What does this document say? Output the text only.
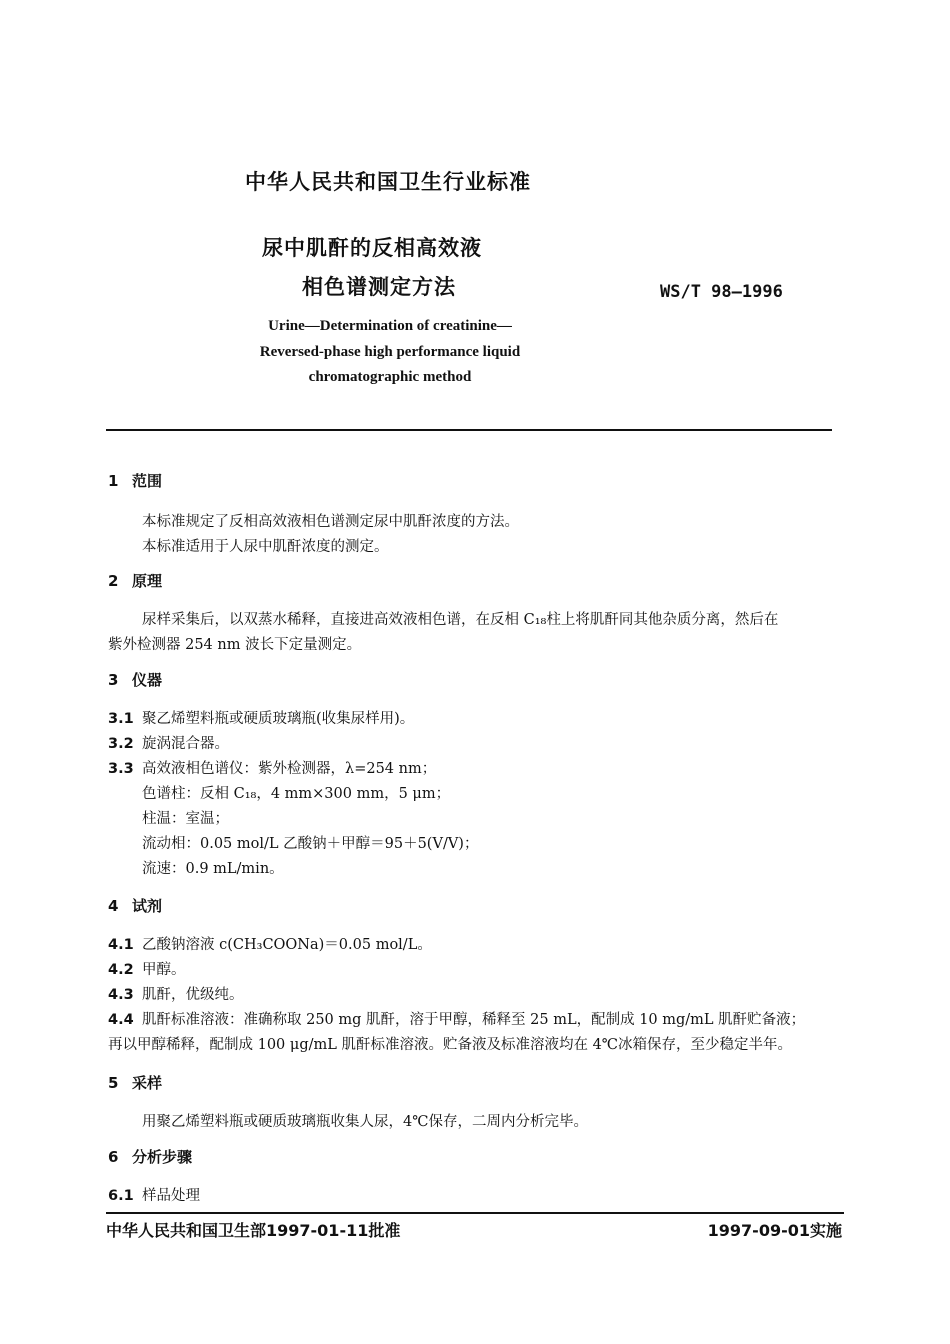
中华人民共和国卫生行业标准
尿中肌酐的反相高效液
相色谱测定方法	WS/T 98—1996
Urine—Determination of creatinine—
Reversed-phase high performance liquid
chromatographic method
1 范围
本标准规定了反相高效液相色谱测定尿中肌酐浓度的方法。
本标准适用于人尿中肌酐浓度的测定。
2 原理
尿样采集后，以双蒸水稀释，直接进高效液相色谱，在反相 C₁₈柱上将肌酐同其他杂质分离，然后在
紫外检测器 254 nm 波长下定量测定。
3 仪器
3.1 聚乙烯塑料瓶或硬质玻璃瓶(收集尿样用)。
3.2 旋涡混合器。
3.3 高效液相色谱仪：紫外检测器，λ=254 nm；
色谱柱：反相 C₁₈，4 mm×300 mm，5 μm；
柱温：室温；
流动相：0.05 mol/L 乙酸钠＋甲醇＝95＋5(V/V)；
流速：0.9 mL/min。
4 试剂
4.1 乙酸钠溶液 c(CH₃COONa)＝0.05 mol/L。
4.2 甲醇。
4.3 肌酐，优级纯。
4.4 肌酐标准溶液：准确称取 250 mg 肌酐，溶于甲醇，稀释至 25 mL，配制成 10 mg/mL 肌酐贮备液；
再以甲醇稀释，配制成 100 μg/mL 肌酐标准溶液。贮备液及标准溶液均在 4℃冰箱保存，至少稳定半年。
5 采样
用聚乙烯塑料瓶或硬质玻璃瓶收集人尿，4℃保存，二周内分析完毕。
6 分析步骤
6.1 样品处理
中华人民共和国卫生部1997-01-11批准	1997-09-01实施
